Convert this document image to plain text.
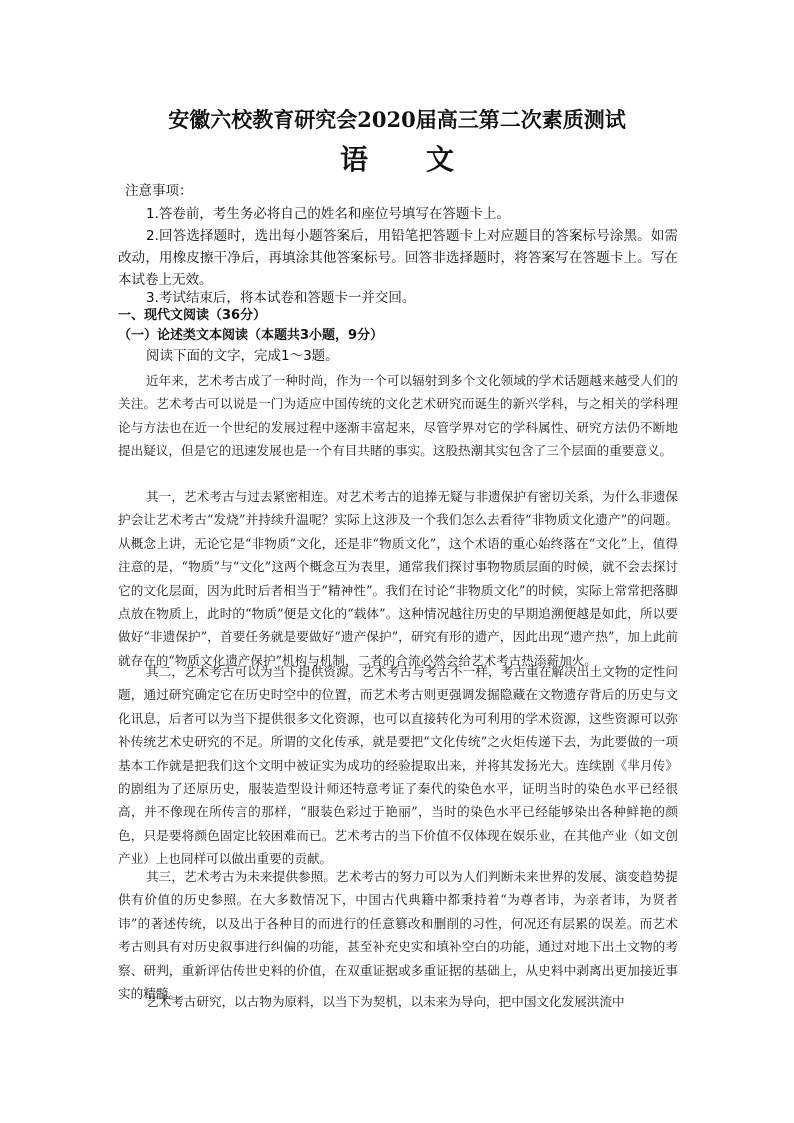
安徽六校教育研究会2020届高三第二次素质测试
语文
注意事项：
1.答卷前，考生务必将自己的姓名和座位号填写在答题卡上。
2.回答选择题时，选出每小题答案后，用铅笔把答题卡上对应题目的答案标号涂黑。如需改动，用橡皮擦干净后，再填涂其他答案标号。回答非选择题时，将答案写在答题卡上。写在本试卷上无效。
3.考试结束后，将本试卷和答题卡一并交回。
一、现代文阅读（36分）
（一）论述类文本阅读（本题共3小题，9分）
阅读下面的文字，完成1～3题。
近年来，艺术考古成了一种时尚，作为一个可以辐射到多个文化领域的学术话题越来越受人们的关注。艺术考古可以说是一门为适应中国传统的文化艺术研究而诞生的新兴学科，与之相关的学科理论与方法也在近一个世纪的发展过程中逐渐丰富起来，尽管学界对它的学科属性、研究方法仍不断地提出疑议，但是它的迅速发展也是一个有目共睹的事实。这股热潮其实包含了三个层面的重要意义。
其一，艺术考古与过去紧密相连。对艺术考古的追捧无疑与非遗保护有密切关系，为什么非遗保护会让艺术考古“发烧”并持续升温呢？实际上这涉及一个我们怎么去看待“非物质文化遗产”的问题。从概念上讲，无论它是“非物质”文化，还是非“物质文化”，这个术语的重心始终落在“文化”上，值得注意的是，“物质”与“文化”这两个概念互为表里，通常我们探讨事物物质层面的时候，就不会去探讨它的文化层面，因为此时后者相当于“精神性”。我们在讨论“非物质文化”的时候，实际上常常把落脚点放在物质上，此时的“物质”便是文化的“载体”。这种情况越往历史的早期追溯便越是如此，所以要做好“非遗保护”，首要任务就是要做好“遗产保护”，研究有形的遗产，因此出现“遗产热”，加上此前就存在的“物质文化遗产保护”机构与机制，二者的合流必然会给艺术考古热添薪加火。
其二，艺术考古可以为当下提供资源。艺术考古与考古不一样，考古重在解决出土文物的定性问题，通过研究确定它在历史时空中的位置，而艺术考古则更强调发掘隐藏在文物遗存背后的历史与文化讯息，后者可以为当下提供很多文化资源，也可以直接转化为可利用的学术资源，这些资源可以弥补传统艺术史研究的不足。所谓的文化传承，就是要把“文化传统”之火炬传递下去，为此要做的一项基本工作就是把我们这个文明中被证实为成功的经验提取出来，并将其发扬光大。连续剧《芈月传》的剧组为了还原历史，服装造型设计师还特意考证了秦代的染色水平，证明当时的染色水平已经很高，并不像现在所传言的那样，“服装色彩过于艳丽”，当时的染色水平已经能够染出各种鲜艳的颜色，只是要将颜色固定比较困难而已。艺术考古的当下价值不仅体现在娱乐业，在其他产业（如文创产业）上也同样可以做出重要的贡献。
其三，艺术考古为未来提供参照。艺术考古的努力可以为人们判断未来世界的发展、演变趋势提供有价值的历史参照。在大多数情况下，中国古代典籍中都秉持着“为尊者讳，为亲者讳，为贤者讳”的著述传统，以及出于各种目的而进行的任意篡改和删削的习性，何况还有层累的误差。而艺术考古则具有对历史叙事进行纠偏的功能，甚至补充史实和填补空白的功能，通过对地下出土文物的考察、研判，重新评估传世史料的价值，在双重证据或多重证据的基础上，从史料中剥离出更加接近事实的精髓。
艺术考古研究，以古物为原料，以当下为契机，以未来为导向，把中国文化发展洪流中
